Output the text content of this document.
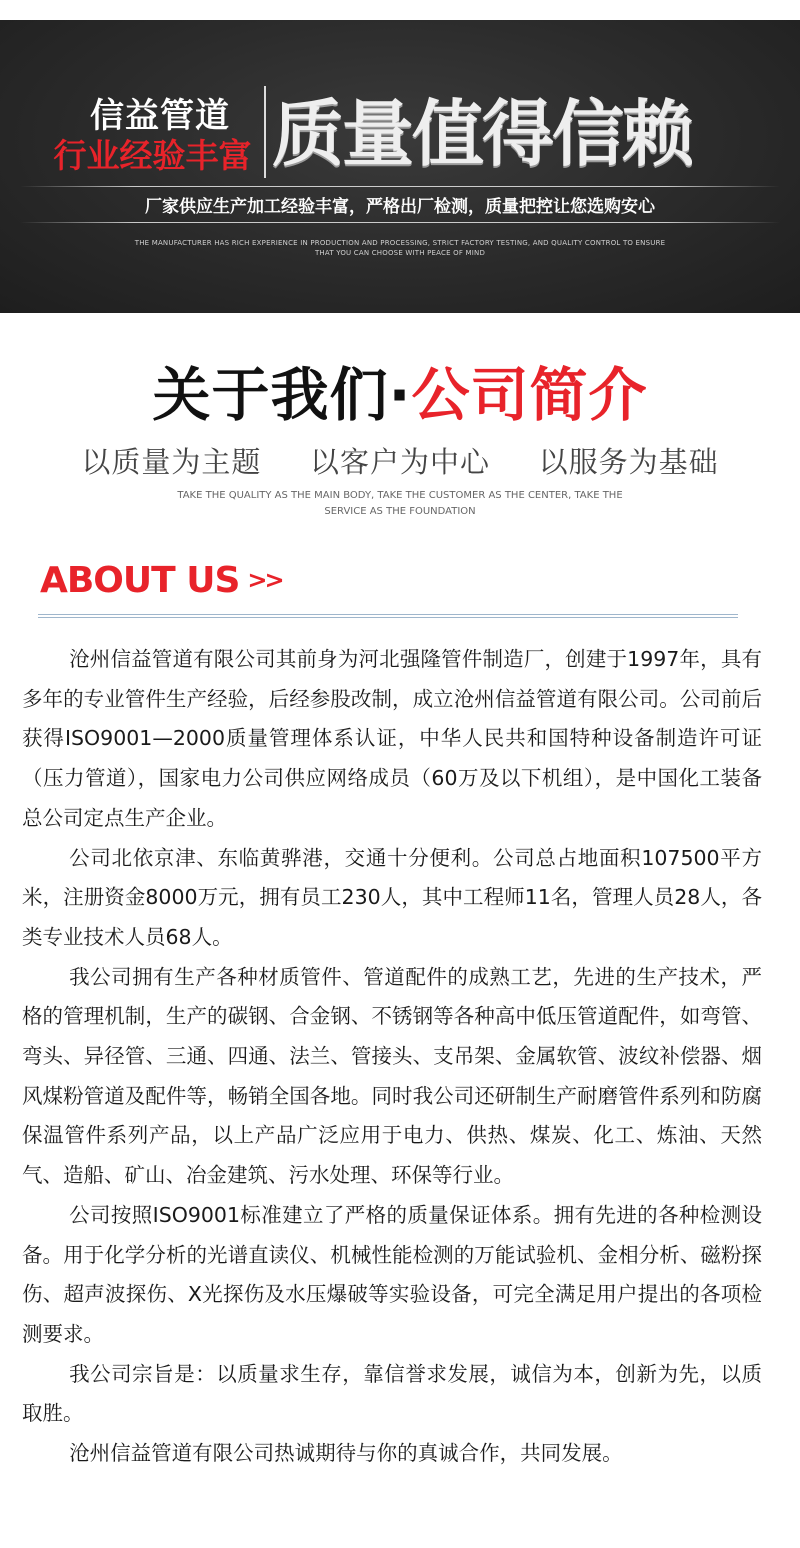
信益管道
行业经验丰富 质量值得信赖
厂家供应生产加工经验丰富，严格出厂检测，质量把控让您选购安心
THE MANUFACTURER HAS RICH EXPERIENCE IN PRODUCTION AND PROCESSING, STRICT FACTORY TESTING, AND QUALITY CONTROL TO ENSURE THAT YOU CAN CHOOSE WITH PEACE OF MIND
关于我们·公司简介
以质量为主题   以客户为中心   以服务为基础
TAKE THE QUALITY AS THE MAIN BODY, TAKE THE CUSTOMER AS THE CENTER, TAKE THE SERVICE AS THE FOUNDATION
ABOUT US >>

沧州信益管道有限公司其前身为河北强隆管件制造厂，创建于1997年，具有多年的专业管件生产经验，后经参股改制，成立沧州信益管道有限公司。公司前后获得ISO9001—2000质量管理体系认证，中华人民共和国特种设备制造许可证（压力管道），国家电力公司供应网络成员（60万及以下机组），是中国化工装备总公司定点生产企业。

公司北依京津、东临黄骅港，交通十分便利。公司总占地面积107500平方米，注册资金8000万元，拥有员工230人，其中工程师11名，管理人员28人，各类专业技术人员68人。

我公司拥有生产各种材质管件、管道配件的成熟工艺，先进的生产技术，严格的管理机制，生产的碳钢、合金钢、不锈钢等各种高中低压管道配件，如弯管、弯头、异径管、三通、四通、法兰、管接头、支吊架、金属软管、波纹补偿器、烟风煤粉管道及配件等，畅销全国各地。同时我公司还研制生产耐磨管件系列和防腐保温管件系列产品，以上产品广泛应用于电力、供热、煤炭、化工、炼油、天然气、造船、矿山、冶金建筑、污水处理、环保等行业。

公司按照ISO9001标准建立了严格的质量保证体系。拥有先进的各种检测设备。用于化学分析的光谱直读仪、机械性能检测的万能试验机、金相分析、磁粉探伤、超声波探伤、X光探伤及水压爆破等实验设备，可完全满足用户提出的各项检测要求。

我公司宗旨是：以质量求生存，靠信誉求发展，诚信为本，创新为先，以质取胜。

沧州信益管道有限公司热诚期待与你的真诚合作，共同发展。
